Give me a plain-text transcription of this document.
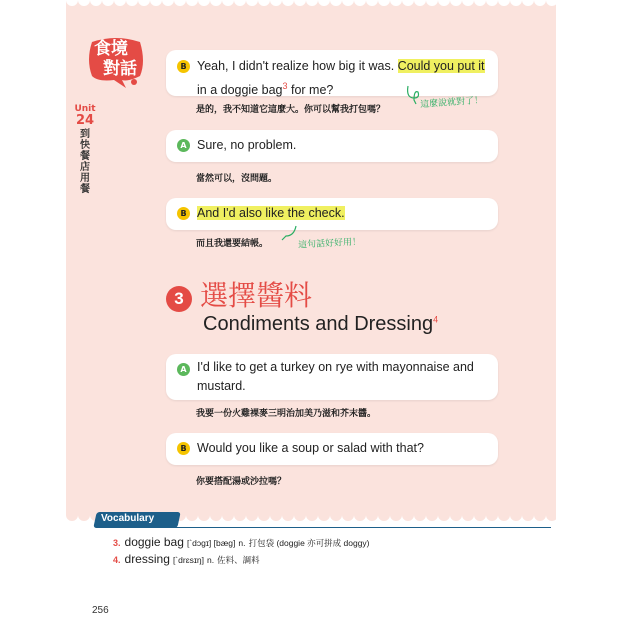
食境
對話
Unit
24
到快餐店用餐
B Yeah, I didn't realize how big it was. Could you put it
in a doggie bag$^3$ for me?
是的，我不知道它這麼大。你可以幫我打包嗎？	這麼說就對了！
A Sure, no problem.
當然可以，沒問題。
B And I'd also like the check.
而且我還要結帳。	這句話好好用！
3 選擇醬料
Condiments and Dressing$^4$
A I'd like to get a turkey on rye with mayonnaise and mustard.
我要一份火雞裸麥三明治加美乃滋和芥末醬。
B Would you like a soup or salad with that?
你要搭配湯或沙拉嗎？
Vocabulary
3. doggie bag [`dɔgɪ] [bæg] n. 打包袋 (doggie 亦可拼成 doggy)
4. dressing [`drɛsɪŋ] n. 佐料、調料
256
